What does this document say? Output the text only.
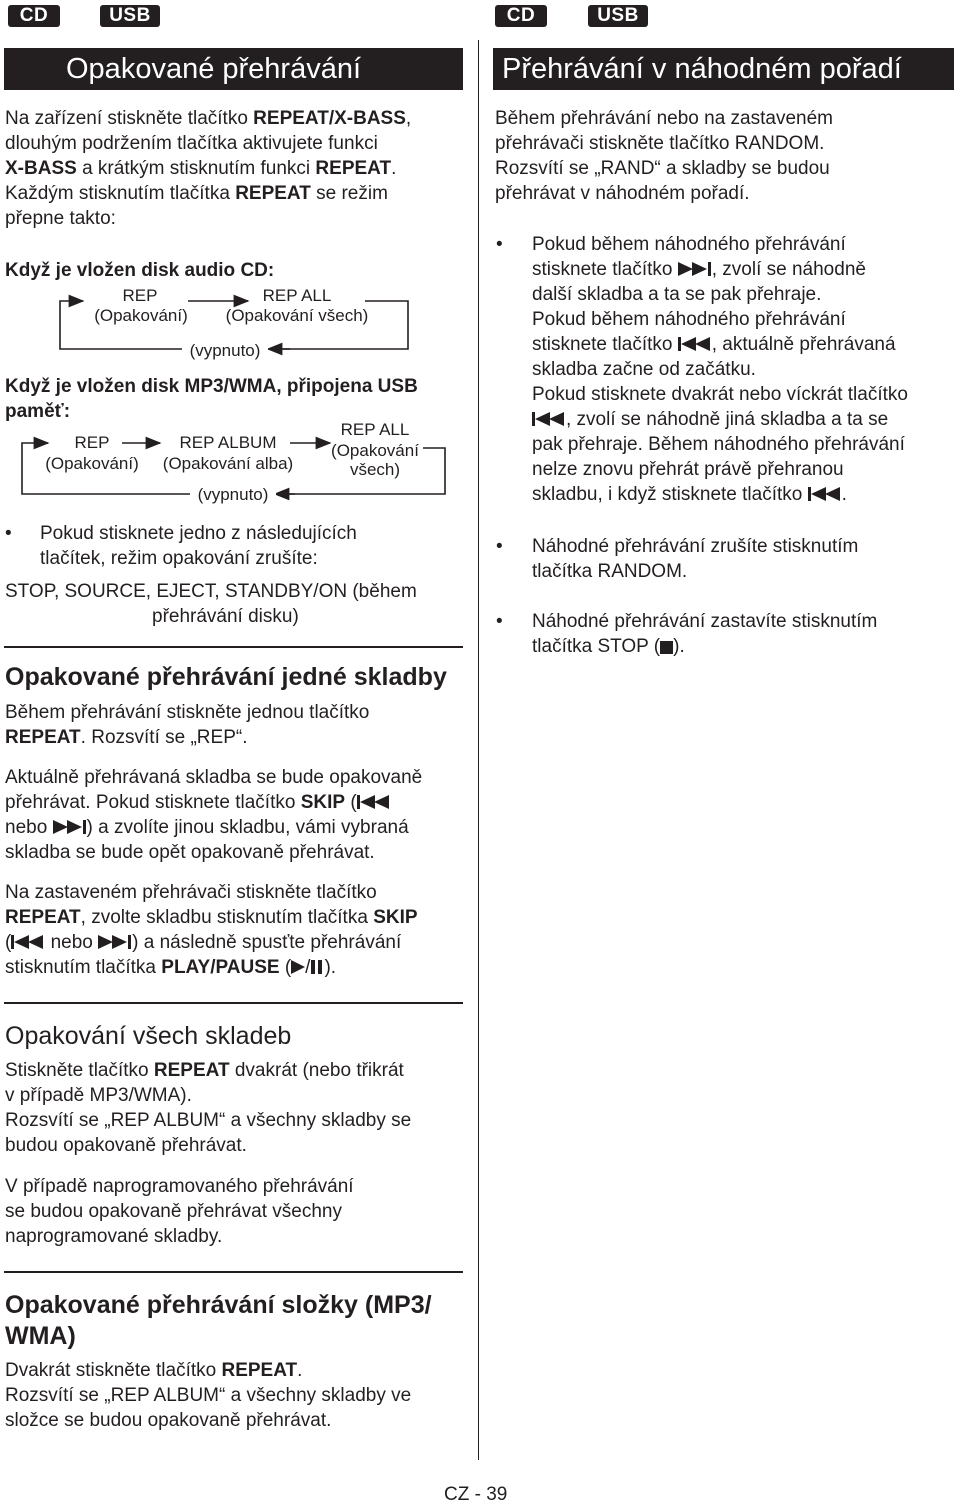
CD	USB	CD	USB
Opakované přehrávání

Na zařízení stiskněte tlačítko REPEAT/X-BASS,

dlouhým podržením tlačítka aktivujete funkci

X-BASS a krátkým stisknutím funkci REPEAT.

Každým stisknutím tlačítka REPEAT se režim

přepne takto:

Když je vložen disk audio CD:

REP
(Opakování)
REP ALL
(Opakování všech)
(vypnuto)

Když je vložen disk MP3/WMA, připojena USB

paměť:

REP
(Opakování)
REP ALBUM
(Opakování alba)
REP ALL
(Opakování
všech)
(vypnuto)
• Pokud stisknete jedno z následujících

tlačítek, režim opakování zrušíte:

STOP, SOURCE, EJECT, STANDBY/ON (během

přehrávání disku)

Opakované přehrávání jedné skladby

Během přehrávání stiskněte jednou tlačítko

REPEAT. Rozsvítí se „REP“.

Aktuálně přehrávaná skladba se bude opakovaně

přehrávat. Pokud stisknete tlačítko SKIP (

nebo ) a zvolíte jinou skladbu, vámi vybraná

skladba se bude opět opakovaně přehrávat.

Na zastaveném přehrávači stiskněte tlačítko

REPEAT, zvolte skladbu stisknutím tlačítka SKIP

( nebo ) a následně spusťte přehrávání

stisknutím tlačítka PLAY/PAUSE ( / ).

Opakování všech skladeb

Stiskněte tlačítko REPEAT dvakrát (nebo třikrát

v případě MP3/WMA).

Rozsvítí se „REP ALBUM“ a všechny skladby se

budou opakovaně přehrávat.

V případě naprogramovaného přehrávání

se budou opakovaně přehrávat všechny

naprogramované skladby.

Opakované přehrávání složky (MP3/

WMA)

Dvakrát stiskněte tlačítko REPEAT.

Rozsvítí se „REP ALBUM“ a všechny skladby ve

složce se budou opakovaně přehrávat.

Přehrávání v náhodném pořadí

Během přehrávání nebo na zastaveném

přehrávači stiskněte tlačítko RANDOM.

Rozsvítí se „RAND“ a skladby se budou

přehrávat v náhodném pořadí.

• Pokud během náhodného přehrávání

stisknete tlačítko , zvolí se náhodně

další skladba a ta se pak přehraje.

Pokud během náhodného přehrávání

stisknete tlačítko , aktuálně přehrávaná

skladba začne od začátku.

Pokud stisknete dvakrát nebo víckrát tlačítko

, zvolí se náhodně jiná skladba a ta se

pak přehraje. Během náhodného přehrávání

nelze znovu přehrát právě přehranou

skladbu, i když stisknete tlačítko .

• Náhodné přehrávání zrušíte stisknutím

tlačítka RANDOM.

• Náhodné přehrávání zastavíte stisknutím

tlačítka STOP ( ).

CZ - 39
